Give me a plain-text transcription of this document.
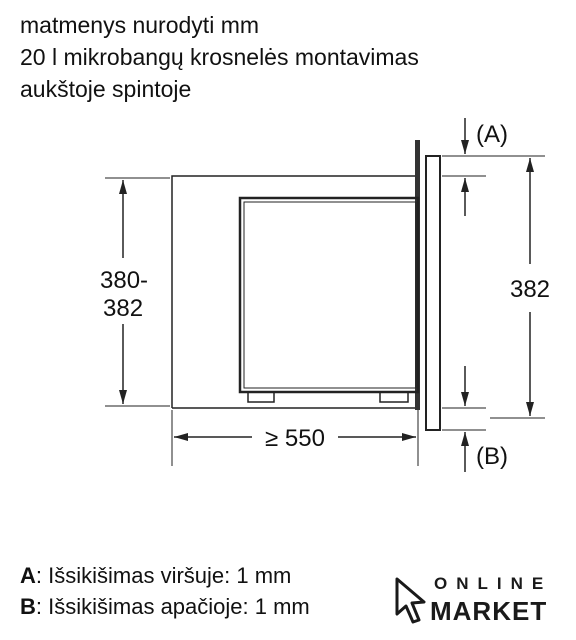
matmenys nurodyti mm
20 l mikrobangų krosnelės montavimas
aukštoje spintoje
380-
382
≥ 550
382
(A)
(B)
A: Išsikišimas viršuje: 1 mm
B: Išsikišimas apačioje: 1 mm
ONLINE
MARKET
